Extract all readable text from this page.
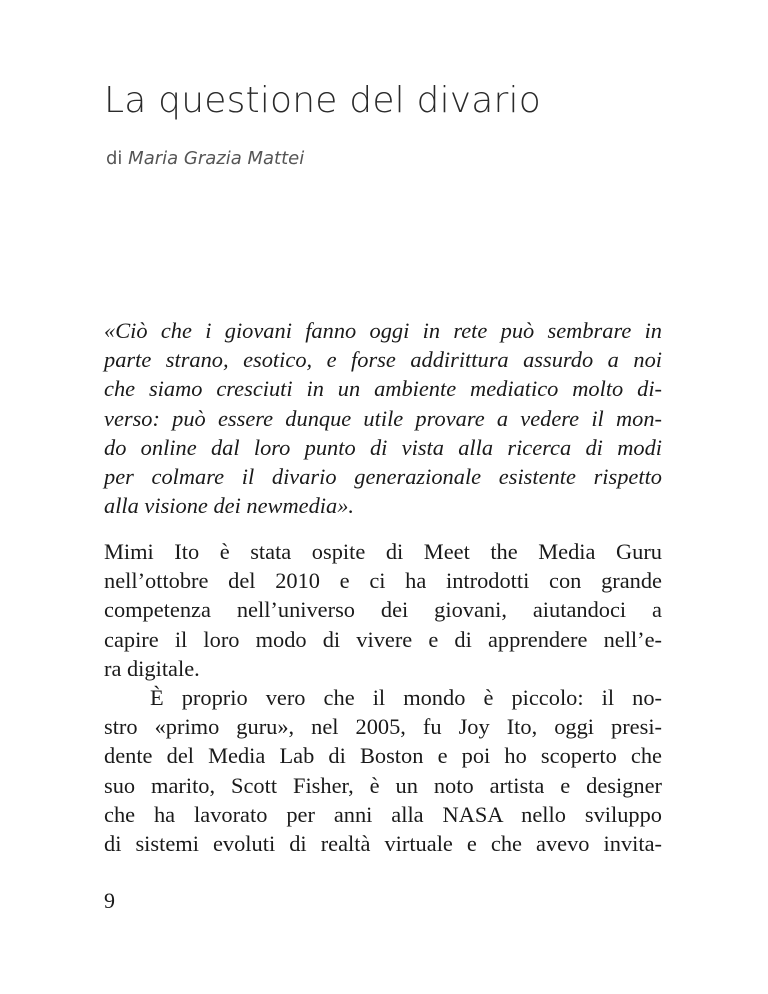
La questione del divario

di Maria Grazia Mattei

«Ciò che i giovani fanno oggi in rete può sembrare in
parte strano, esotico, e forse addirittura assurdo a noi
che siamo cresciuti in un ambiente mediatico molto di-
verso: può essere dunque utile provare a vedere il mon-
do online dal loro punto di vista alla ricerca di modi
per colmare il divario generazionale esistente rispetto
alla visione dei newmedia».
Mimi Ito è stata ospite di Meet the Media Guru
nell’ottobre del 2010 e ci ha introdotti con grande
competenza nell’universo dei giovani, aiutandoci a
capire il loro modo di vivere e di apprendere nell’e-
ra digitale.
È proprio vero che il mondo è piccolo: il no-
stro «primo guru», nel 2005, fu Joy Ito, oggi presi-
dente del Media Lab di Boston e poi ho scoperto che
suo marito, Scott Fisher, è un noto artista e designer
che ha lavorato per anni alla NASA nello sviluppo
di sistemi evoluti di realtà virtuale e che avevo invita-
9
